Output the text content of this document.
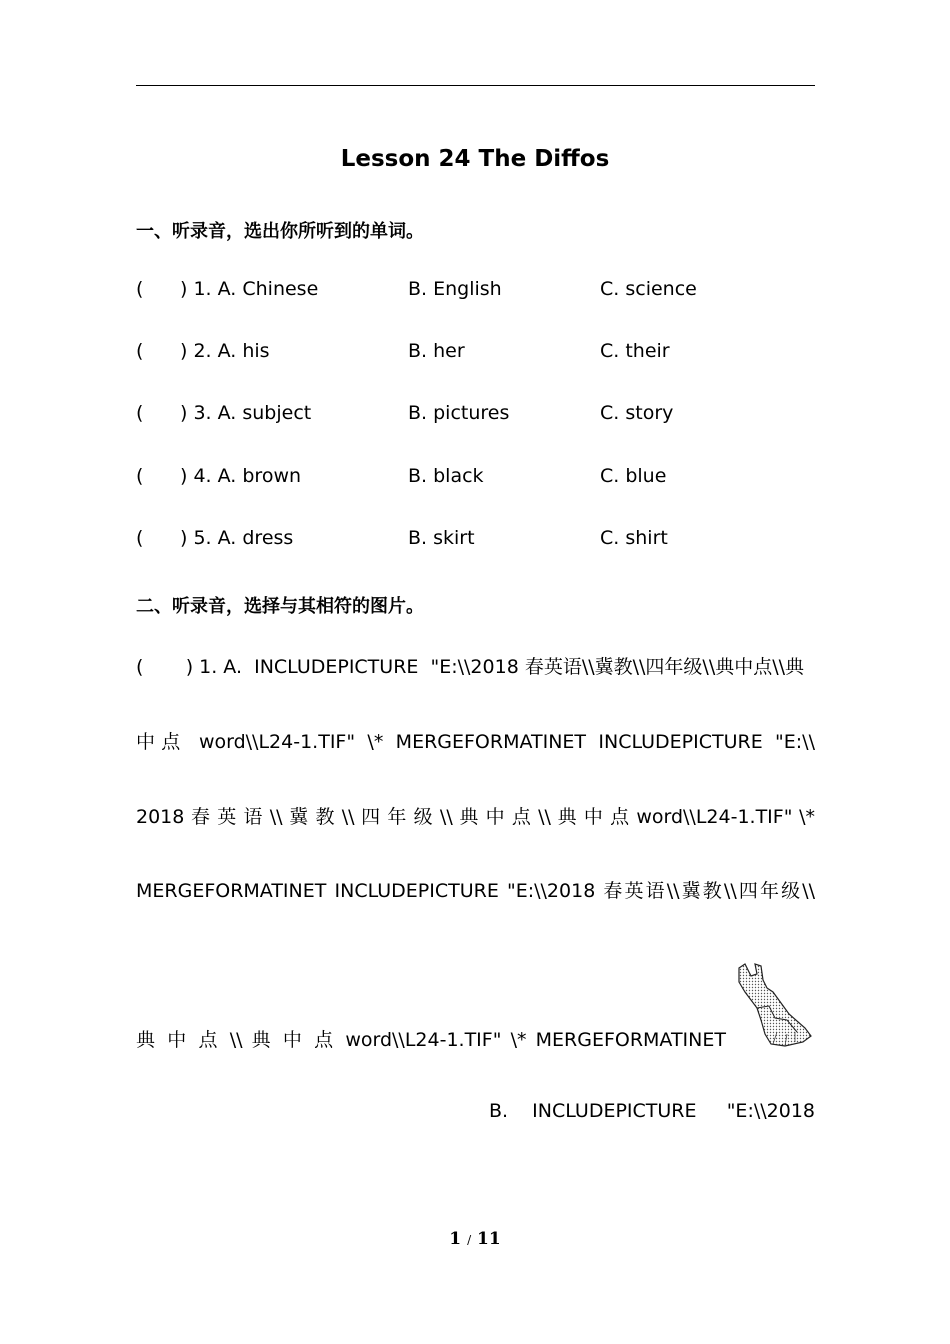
Lesson 24 The Diffos
一、听录音，选出你所听到的单词。
( ) 1. A. Chinese	B. English	C. science
( ) 2. A. his	B. her	C. their
( ) 3. A. subject	B. pictures	C. story
( ) 4. A. brown	B. black	C. blue
( ) 5. A. dress	B. skirt	C. shirt
二、听录音，选择与其相符的图片。
(       ) 1. A.  INCLUDEPICTURE  "E:\\2018 春英语\\冀教\\四年级\\典中点\\典
中点 word\\L24-1.TIF" \* MERGEFORMATINET INCLUDEPICTURE "E:\\
2018 春 英 语 \\ 冀 教 \\ 四 年 级 \\ 典 中 点 \\ 典 中 点 word\\L24-1.TIF" \*
MERGEFORMATINET INCLUDEPICTURE "E:\\2018 春英语\\冀教\\四年级\\
典 中 点 \\ 典 中 点 word\\L24-1.TIF" \* MERGEFORMATINET
B.    INCLUDEPICTURE     "E:\\2018
1 / 11
